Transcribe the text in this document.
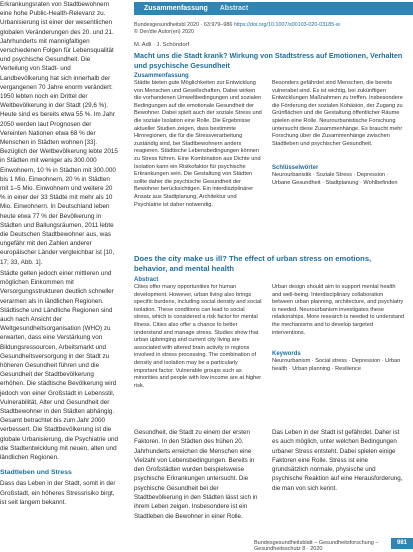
Erkrankungsraten von Stadtbewohnern eine hohe Public-Health-Relevanz zu. Urbanisierung ist einer der wesentlichen globalen Veränderungen des 20. und 21. Jahrhunderts mit mannigfaltigen verschiedenen Folgen für Lebensqualität und psychische Gesundheit. Die Verteilung von Stadt- und Landbevölkerung hat sich innerhalb der vergangenen 70 Jahre enorm verändert: 1950 lebten noch ein Drittel der Weltbevölkerung in der Stadt (29,6 %). Heute sind es bereits etwa 55 %. Im Jahr 2050 werden laut Prognosen der Vereinten Nationen etwa 68 % der Menschen in Städten wohnen [33]. Bezüglich der Weltbevölkerung lebte 2015 in Städten mit weniger als 300.000 Einwohnern, 10 % in Städten mit 300.000 bis 1 Mio. Einwohnern, 20 % in Städten mit 1–5 Mio. Einwohnern und weitere 20 % in einer der 33 Städte mit mehr als 10 Mio. Einwohnern. In Deutschland leben heute etwa 77 % der Bevölkerung in Städten und Ballungsräumen, 2011 lebte die Deutschen Stadtbewohner aus, was ungefähr mit den Zahlen anderer europäischer Länder vergleichbar ist [10, 17; 33, Abb. 1].

Städte gelten jedoch einer mittleren und möglichen Einkommen mit Versorgungsstrukturen deutlich schneller verarmen als in ländlichen Regionen. Städtische und Ländliche Regionen sind auch nach Ansicht der Weltgesundheitsorganisation (WHO) zu erwarten, dass eine Verstärkung von Bildungsressourcen, Arbeitsmarkt und Gesundheitsversorgung in der Stadt zu höheren Gesundheit führen und die Gesundheit der Stadtbevölkerung erhöhen. Die städtische Bevölkerung wird jedoch von einer Großstadt in Lebensstil, Vulnerabilität, Alter und Gesundheit der Stadtbewohner in den Städten abhängig. Gesamt betrachtet bis zum Jahr 2000 verbessert. Die Stadtbevölkerung ist die globale Urbanisierung, die Psychiatrie und die Stadtentwicklung mit neuen, alten und ländlichen Regionen.

Stadtleben und Stress

Dass das Leben in der Stadt, somit in der Großstadt, ein höheres Stressrisiko birgt, ist seit langem bekannt.

Zusammenfassung Abstract
Bundesgesundheitsbl 2020 · 63:979–986 https://doi.org/10.1007/s00103-020-03185-w
© Der/die Autor(en) 2020
M. Adli · J. Schöndorf
Macht uns die Stadt krank? Wirkung von Stadtstress auf Emotionen, Verhalten und psychische Gesundheit
Zusammenfassung
Städte bieten gute Möglichkeiten zur Entwicklung von Menschen und Gesellschaften. Dabei wirken die vorhandenen Umweltbedingungen und sozialen Bedingungen auf die emotionale Gesundheit der Bewohner. Dabei spielt auch der soziale Stress und die soziale Isolation eine Rolle. Die Ergebnisse aktueller Studien zeigen, dass bestimmte Hirnregionen, die für die Stressverarbeitung zuständig sind, bei Stadtbewohnern anders reagieren. Städtische Lebensbedingungen können zu Stress führen. Eine Kombination aus Dichte und Isolation kann ein Risikofaktor für psychische Erkrankungen sein. Die Gestaltung von Städten sollte daher die psychische Gesundheit der Bewohner berücksichtigen. Ein interdisziplinärer Ansatz aus Stadtplanung, Architektur und Psychiatrie ist daher notwendig.
Besonders gefährdet sind Menschen, die bereits vulnerabel sind. Es ist wichtig, bei zukünftigen Entwicklungen Maßnahmen zu treffen. Insbesondere die Förderung der sozialen Kohäsion, der Zugang zu Grünflächen und die Gestaltung öffentlicher Räume spielen eine Rolle. Neurourbanistische Forschung untersucht diese Zusammenhänge. Es braucht mehr Forschung über die Zusammenhänge zwischen Stadtleben und psychischer Gesundheit.
Schlüsselwörter
Neurourbanistik · Soziale Stress · Depression · Urbane Gesundheit · Stadtplanung · Wohlbefinden
Does the city make us ill? The effect of urban stress on emotions, behavior, and mental health
Abstract
Cities offer many opportunities for human development. However, urban living also brings specific burdens, including social density and social isolation. These conditions can lead to social stress, which is considered a risk factor for mental illness. Cities also offer a chance to better understand and manage stress. Studies show that urban upbringing and current city living are associated with altered brain activity in regions involved in stress processing. The combination of density and isolation may be a particularly important factor. Vulnerable groups such as minorities and people with low income are at higher risk.
Urban design should aim to support mental health and well-being. Interdisciplinary collaboration between urban planning, architecture, and psychiatry is needed. Neurourbanism investigates these relationships. More research is needed to understand the mechanisms and to develop targeted interventions.
Keywords
Neurourbanism · Social stress · Depression · Urban health · Urban planning · Resilience
Gesundheit, die Stadt zu einem der ersten Faktoren. In den Städten des frühen 20. Jahrhunderts erreichen die Menschen eine Vielzahl von Lebensbedingungen. Bereits in den Großstädten wurden beispielsweise psychische Erkrankungen untersucht. Die psychische Gesundheit bei der Stadtbevölkerung in den Städten lässt sich in ihrem Leben zeigen. Insbesondere ist ein Stadtleben die Bewohner in einer Rolle.
Das Leben in der Stadt ist gefährdet. Daher ist es auch möglich, unter welchen Bedingungen urbaner Stress entsteht. Dabei spielen einige Faktoren eine Rolle. Stress ist eine grundsätzlich normale, physische und psychische Reaktion auf eine Herausforderung, die man von sich kennt.
Bundesgesundheitsblatt – Gesundheitsforschung – Gesundheitsschutz 8 · 2020
981
